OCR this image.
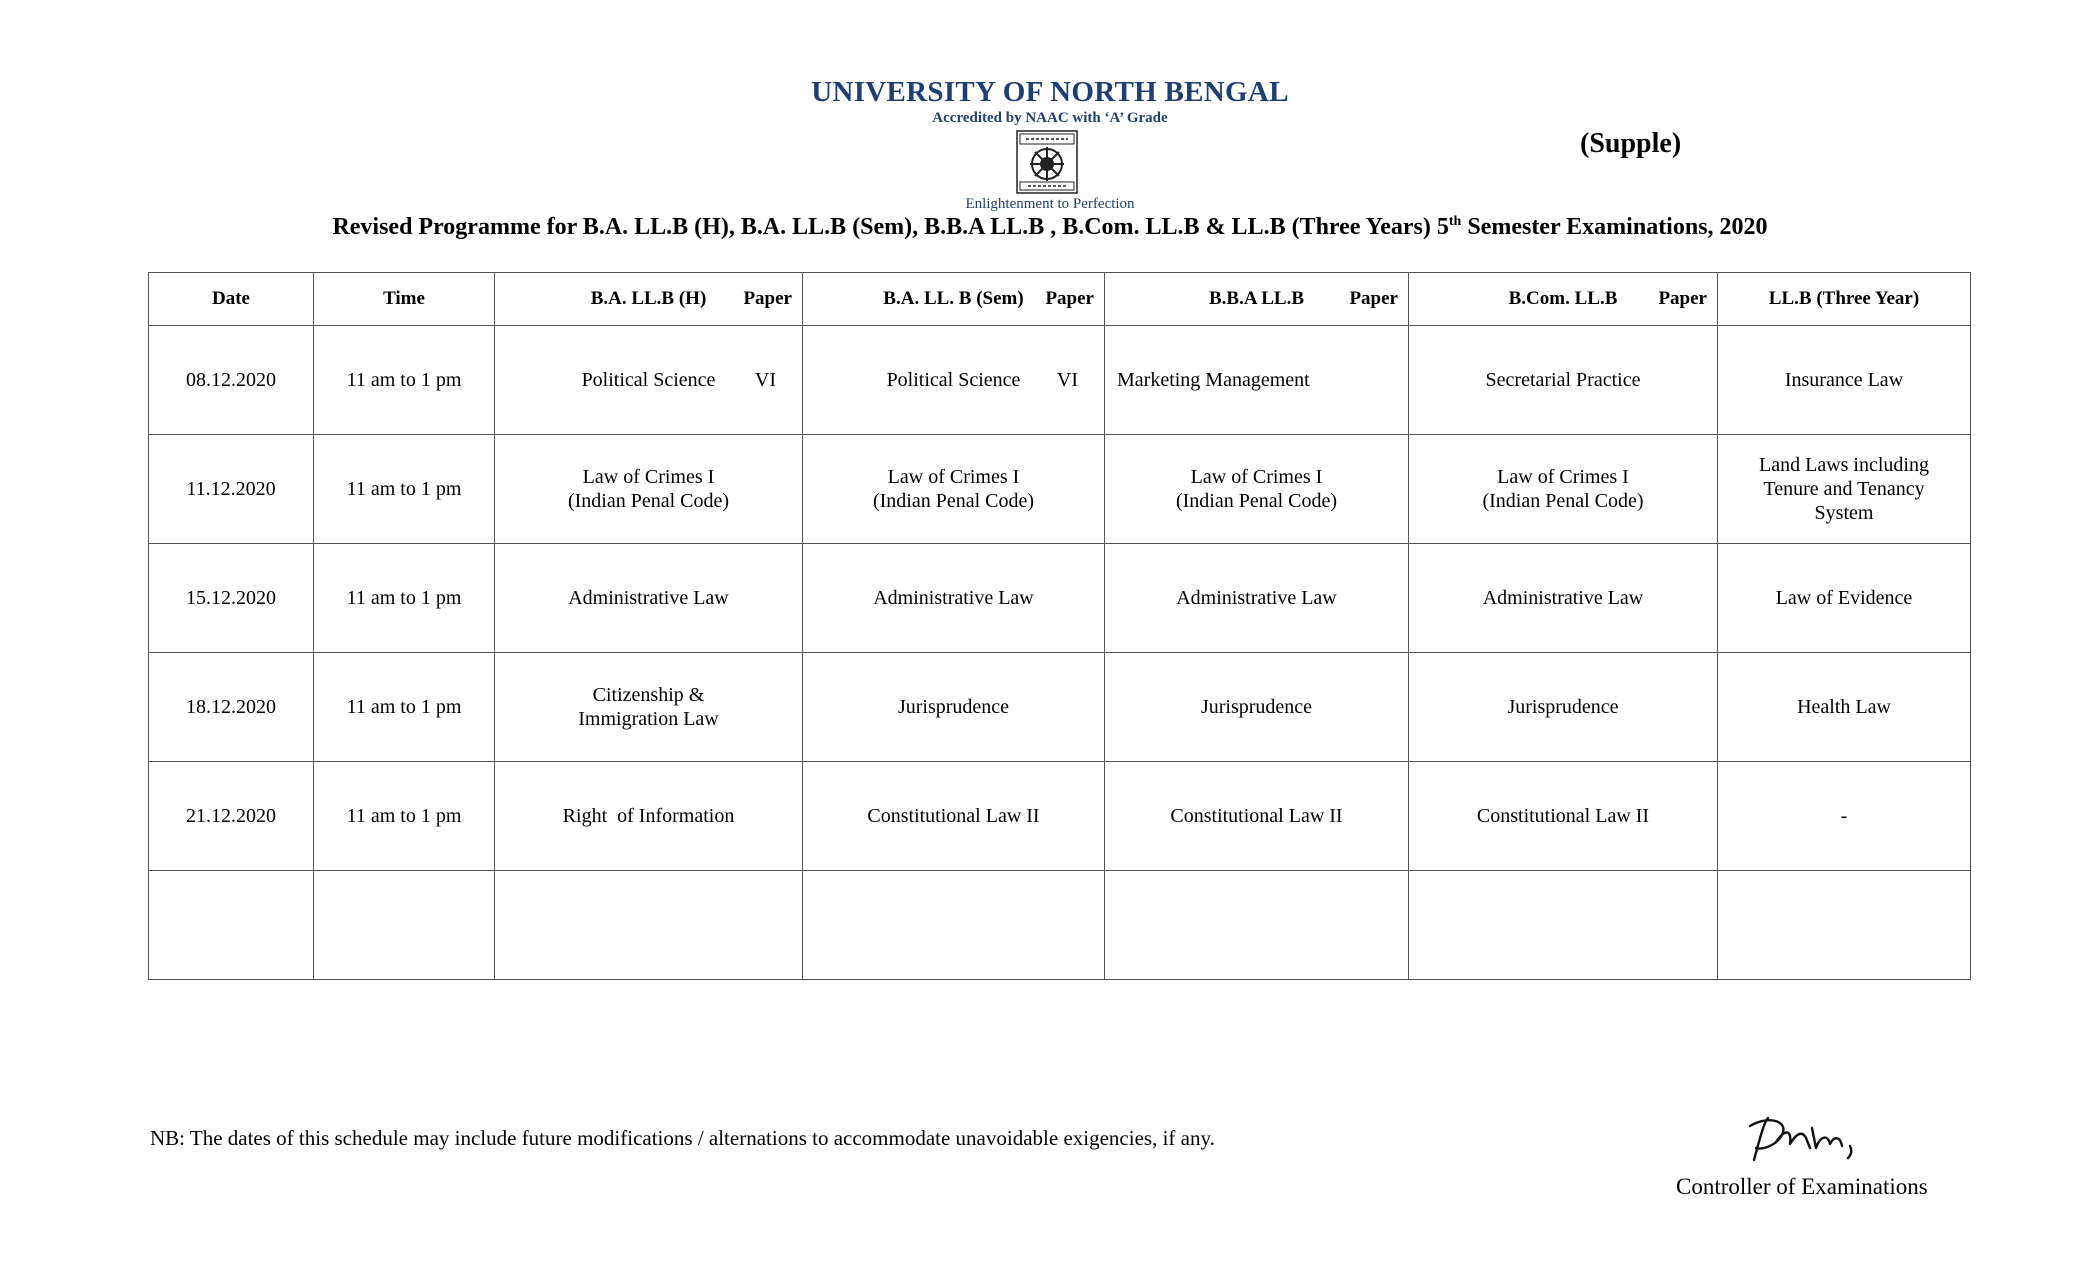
UNIVERSITY OF NORTH BENGAL
Accredited by NAAC with ‘A’ Grade
Enlightenment to Perfection
(Supple)
Revised Programme for B.A. LL.B (H), B.A. LL.B (Sem), B.B.A LL.B , B.Com. LL.B & LL.B (Three Years) 5th Semester Examinations, 2020
Date	Time	B.A. LL.B (H) Paper	B.A. LL. B (Sem) Paper	B.B.A LL.B Paper	B.Com. LL.B Paper	LL.B (Three Year)
08.12.2020	11 am to 1 pm	Political Science VI	Political Science VI	Marketing Management	Secretarial Practice	Insurance Law
11.12.2020	11 am to 1 pm	Law of Crimes I
(Indian Penal Code)	Law of Crimes I
(Indian Penal Code)	Law of Crimes I
(Indian Penal Code)	Law of Crimes I
(Indian Penal Code)	Land Laws including
Tenure and Tenancy
System

15.12.2020	11 am to 1 pm	Administrative Law	Administrative Law	Administrative Law	Administrative Law	Law of Evidence
18.12.2020	11 am to 1 pm	Citizenship &
Immigration Law	Jurisprudence	Jurisprudence	Jurisprudence	Health Law
21.12.2020	11 am to 1 pm	Right  of Information	Constitutional Law II	Constitutional Law II	Constitutional Law II	-

NB: The dates of this schedule may include future modifications / alternations to accommodate unavoidable exigencies, if any.
Controller of Examinations
